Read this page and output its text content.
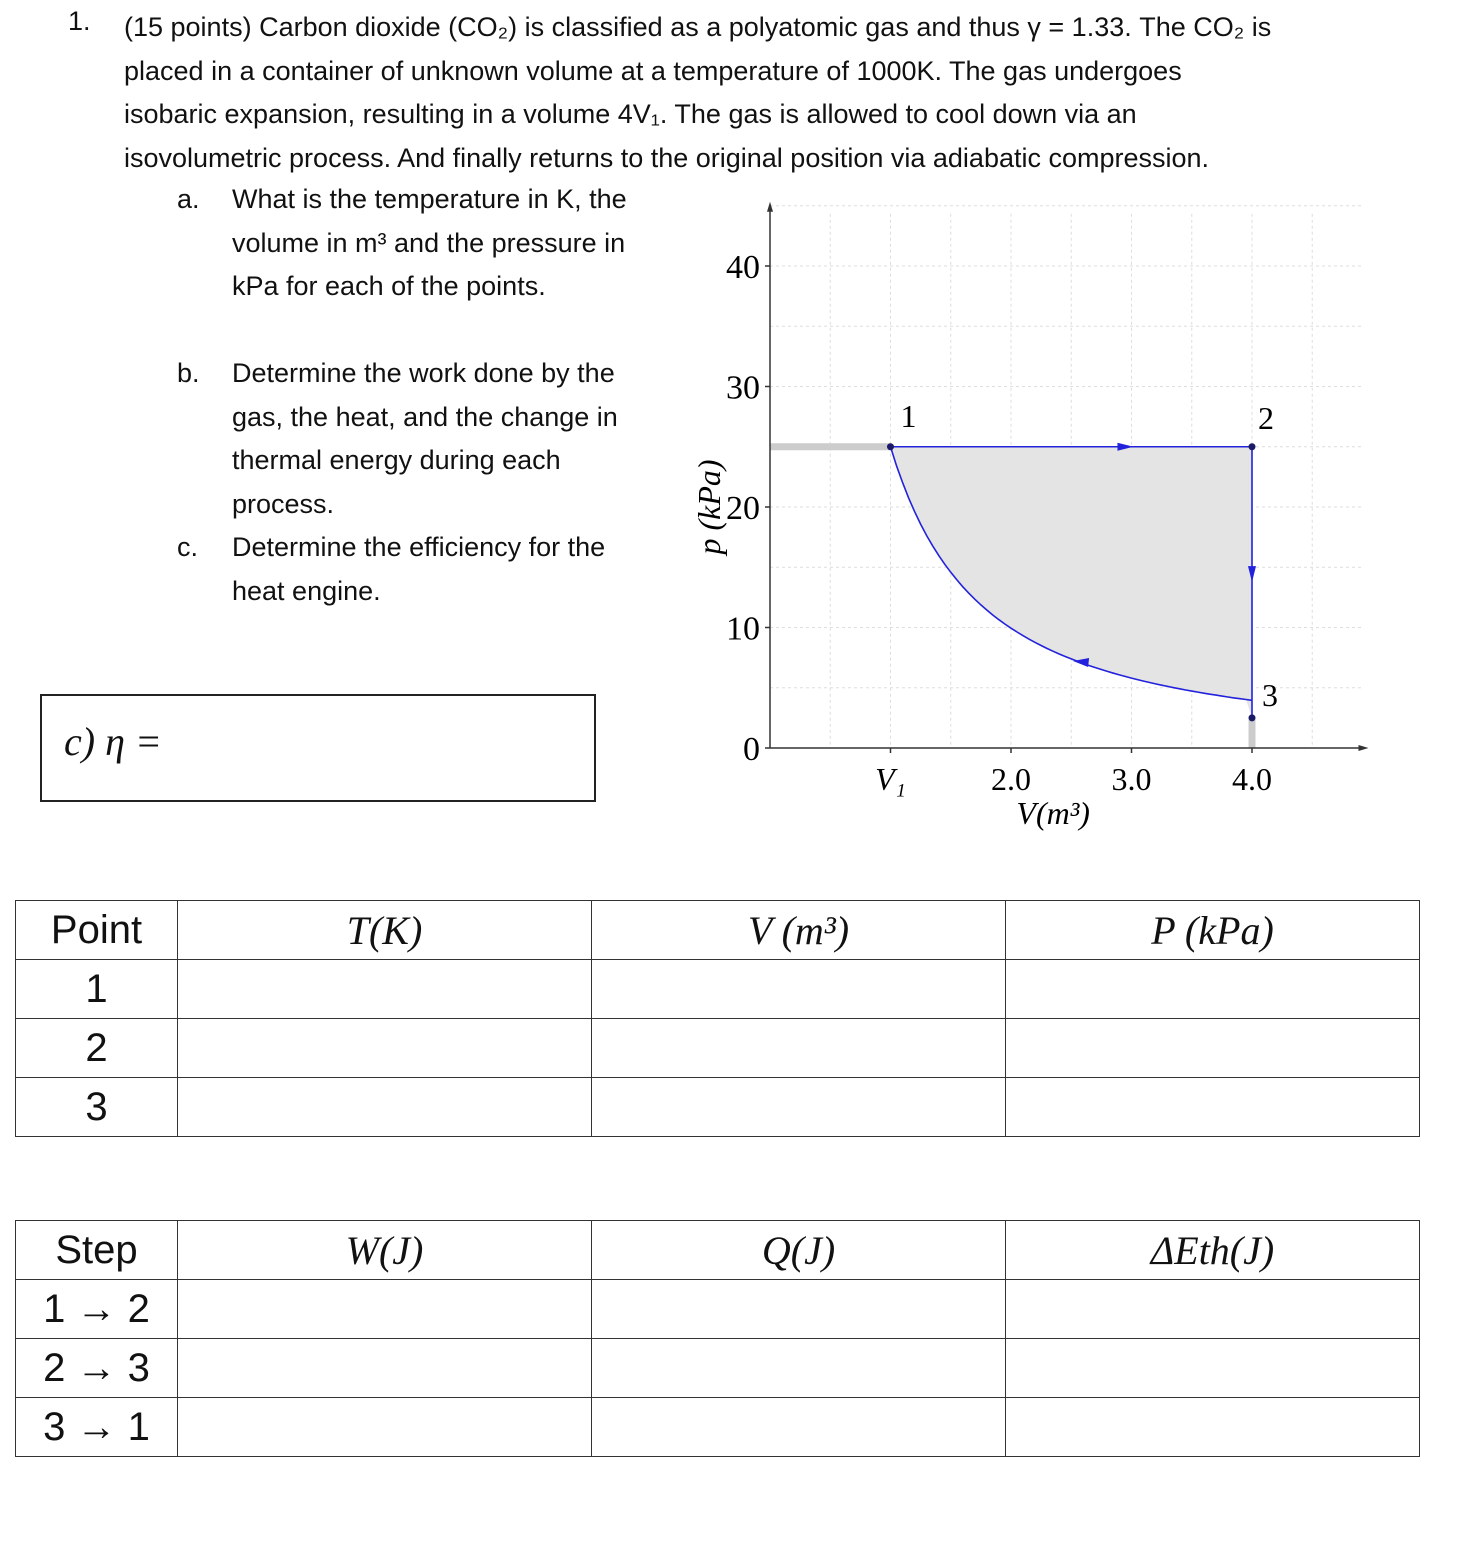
1. (15 points) Carbon dioxide (CO₂) is classified as a polyatomic gas and thus γ = 1.33. The CO₂ is
placed in a container of unknown volume at a temperature of 1000K. The gas undergoes
isobaric expansion, resulting in a volume 4V₁. The gas is allowed to cool down via an
isovolumetric process. And finally returns to the original position via adiabatic compression.
a. What is the temperature in K, the volume in m³ and the pressure in kPa for each of the points.
b. Determine the work done by the gas, the heat, and the change in thermal energy during each process.
c. Determine the efficiency for the heat engine.
c) η =	0
10
20
30
40
V₁	2.0	3.0	4.0
1	2
3
V(m³)
p (kPa)
Point	T(K)	V (m³)	P (kPa)
1			
2			
3			
Step	W(J)	Q(J)	ΔEth(J)
1 → 2			
2 → 3			
3 → 1			
